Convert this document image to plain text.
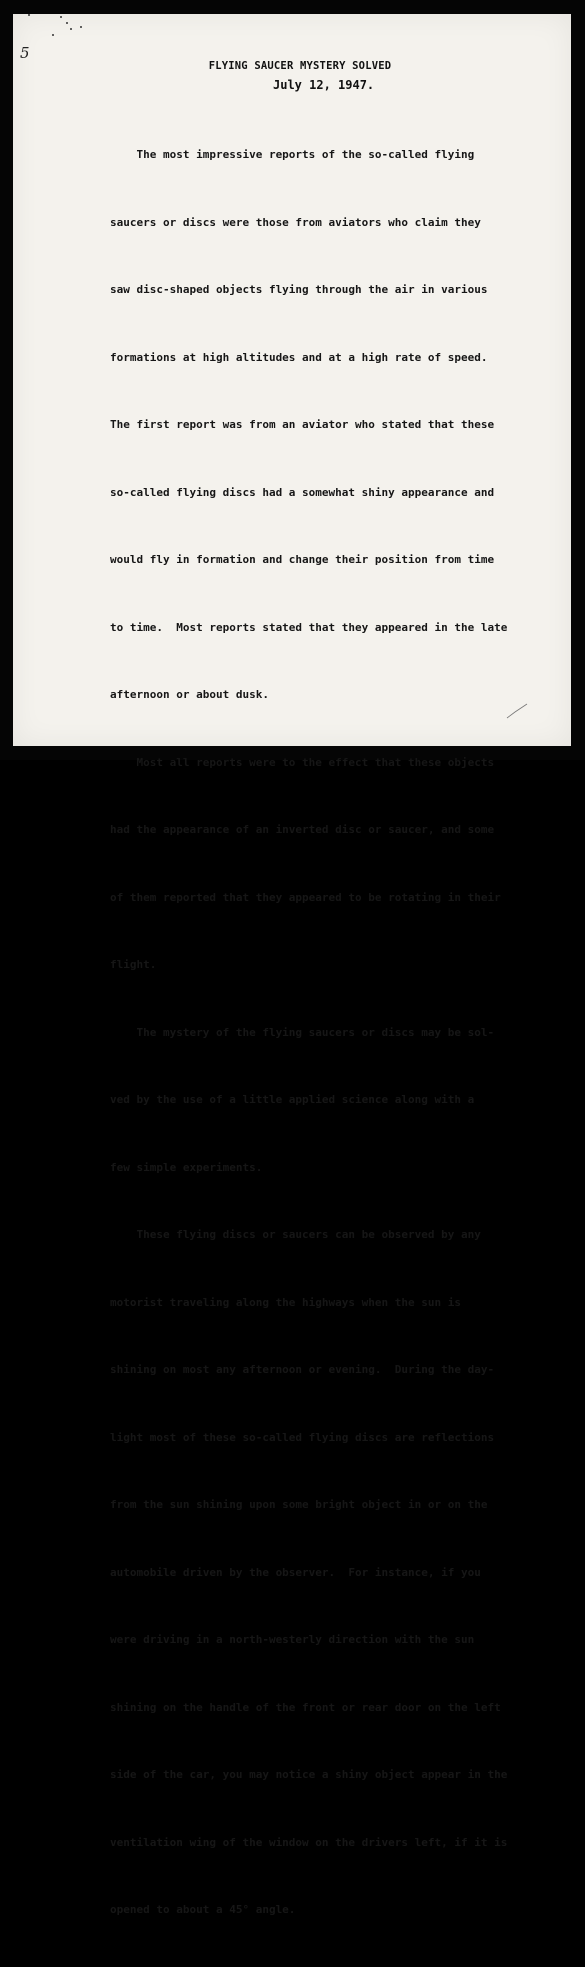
5
FLYING SAUCER MYSTERY SOLVED
July 12, 1947.

The most impressive reports of the so-called flying

saucers or discs were those from aviators who claim they

saw disc-shaped objects flying through the air in various

formations at high altitudes and at a high rate of speed.

The first report was from an aviator who stated that these

so-called flying discs had a somewhat shiny appearance and

would fly in formation and change their position from time

to time.  Most reports stated that they appeared in the late

afternoon or about dusk.

Most all reports were to the effect that these objects

had the appearance of an inverted disc or saucer, and some

of them reported that they appeared to be rotating in their

flight.

The mystery of the flying saucers or discs may be sol-

ved by the use of a little applied science along with a

few simple experiments.

These flying discs or saucers can be observed by any

motorist traveling along the highways when the sun is

shining on most any afternoon or evening.  During the day-

light most of these so-called flying discs are reflections

from the sun shining upon some bright object in or on the

automobile driven by the observer.  For instance, if you

were driving in a north-westerly direction with the sun

shining on the handle of the front or rear door on the left

side of the car, you may notice a shiny object appear in the

ventilation wing of the window on the drivers left, if it is

opened to about a 45° angle.
